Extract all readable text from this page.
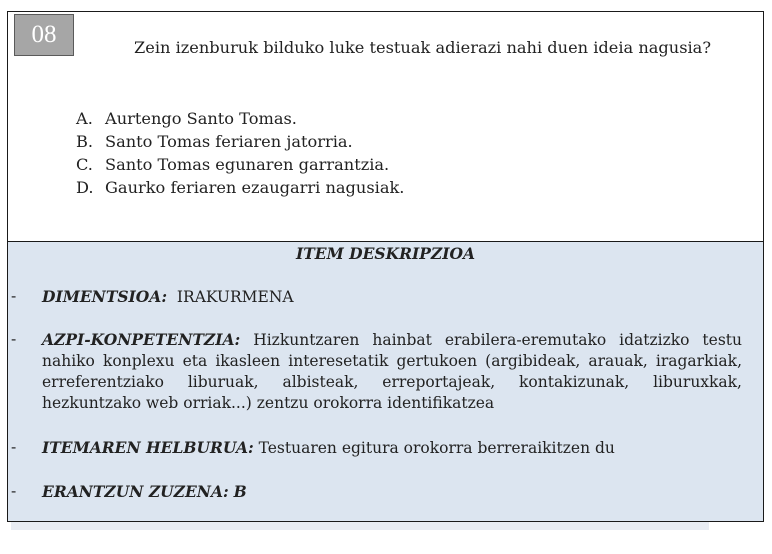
08	Zein izenburuk bilduko luke testuak adierazi nahi duen ideia nagusia?

A. Aurtengo Santo Tomas.
B. Santo Tomas feriaren jatorria.
C. Santo Tomas egunaren garrantzia.
D. Gaurko feriaren ezaugarri nagusiak.
ITEM DESKRIPZIOA
- DIMENTSIOA: IRAKURMENA
- AZPI-KONPETENTZIA: Hizkuntzaren hainbat erabilera-eremutako idatzizko testu nahiko konplexu eta ikasleen interesetatik gertukoen (argibideak, arauak, iragarkiak, erreferentziako liburuak, albisteak, erreportajeak, kontakizunak, liburuxkak, hezkuntzako web orriak...) zentzu orokorra identifikatzea
- ITEMAREN HELBURUA: Testuaren egitura orokorra berreraikitzen du
- ERANTZUN ZUZENA: B
